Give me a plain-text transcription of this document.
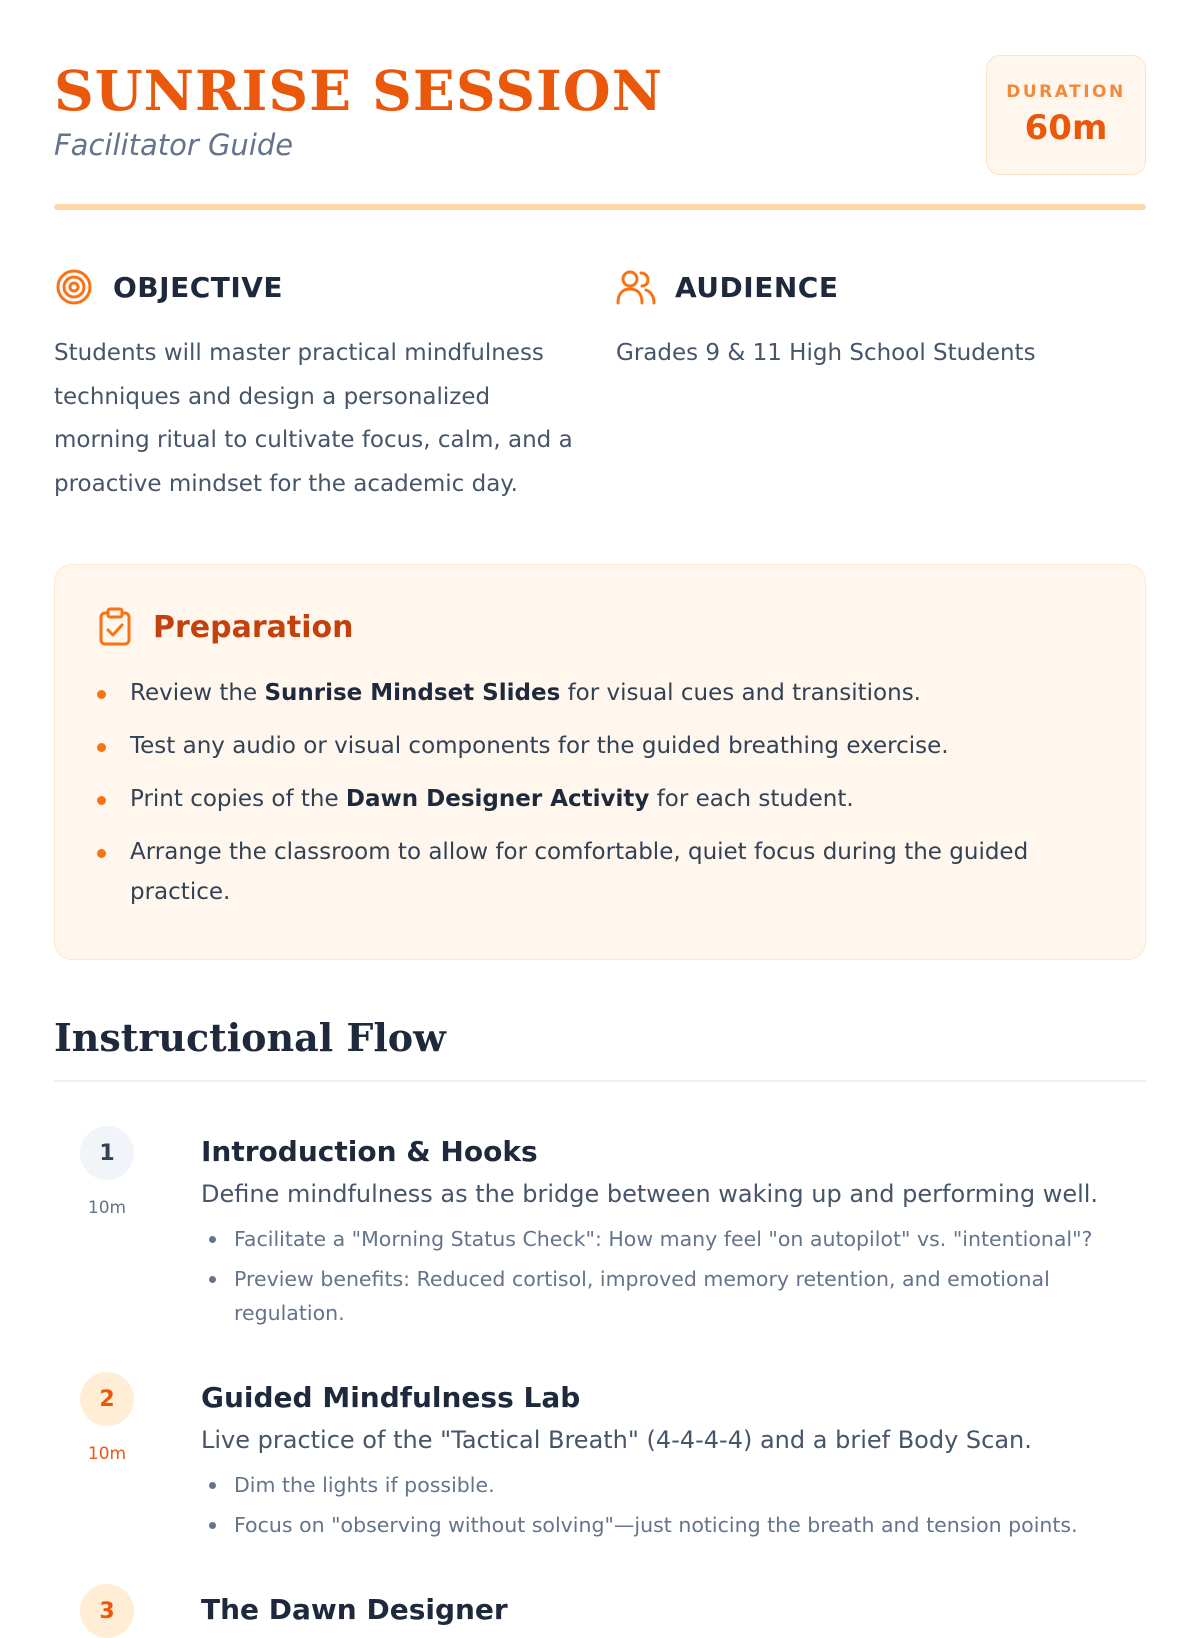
SUNRISE SESSION
Facilitator Guide
DURATION
60m
OBJECTIVE
Students will master practical mindfulness techniques and design a personalized morning ritual to cultivate focus, calm, and a proactive mindset for the academic day.
AUDIENCE
Grades 9 & 11 High School Students
Preparation
Review the Sunrise Mindset Slides for visual cues and transitions.
Test any audio or visual components for the guided breathing exercise.
Print copies of the Dawn Designer Activity for each student.
Arrange the classroom to allow for comfortable, quiet focus during the guided practice.
Instructional Flow
1
10m
Introduction & Hooks
Define mindfulness as the bridge between waking up and performing well.
Facilitate a "Morning Status Check": How many feel "on autopilot" vs. "intentional"?
Preview benefits: Reduced cortisol, improved memory retention, and emotional regulation.
2
10m
Guided Mindfulness Lab
Live practice of the "Tactical Breath" (4-4-4-4) and a brief Body Scan.
Dim the lights if possible.
Focus on "observing without solving"—just noticing the breath and tension points.
3	The Dawn Designer
